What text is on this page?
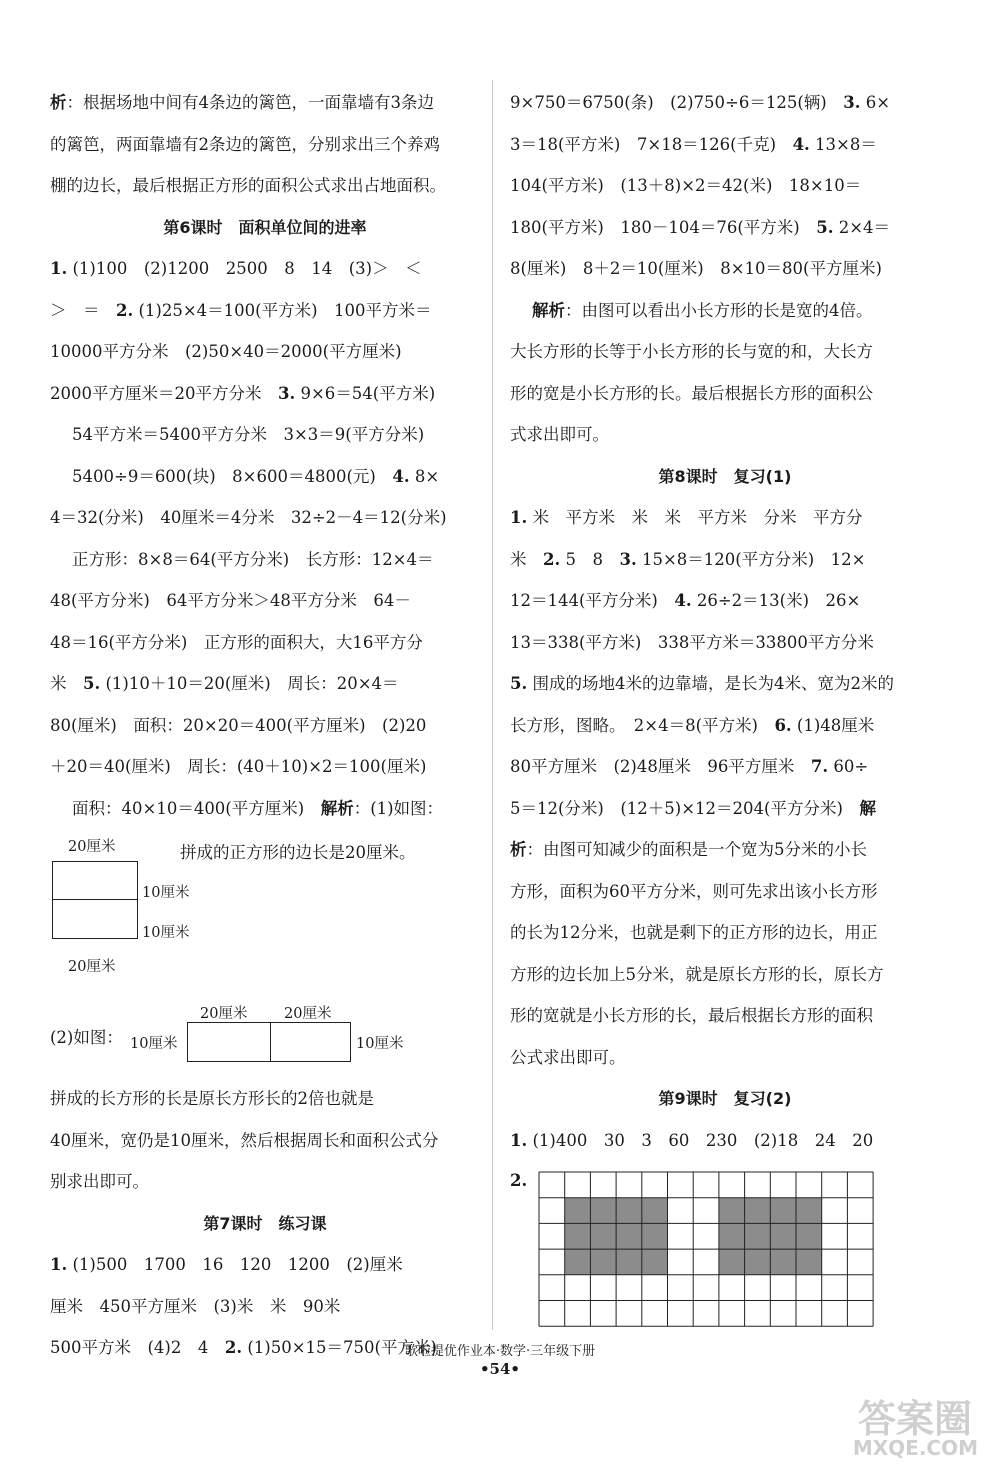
析：根据场地中间有4条边的篱笆，一面靠墙有3条边
的篱笆，两面靠墙有2条边的篱笆，分别求出三个养鸡
棚的边长，最后根据正方形的面积公式求出占地面积。
第6课时　面积单位间的进率
1. (1)100　(2)1200　2500　8　14　(3)＞　＜
＞　＝　2. (1)25×4＝100(平方米)　100平方米＝
10000平方分米　(2)50×40＝2000(平方厘米)
2000平方厘米＝20平方分米　3. 9×6＝54(平方米)
54平方米＝5400平方分米　3×3＝9(平方分米)
5400÷9＝600(块)　8×600＝4800(元)　4. 8×
4＝32(分米)　40厘米＝4分米　32÷2－4＝12(分米)
正方形：8×8＝64(平方分米)　长方形：12×4＝
48(平方分米)　64平方分米＞48平方分米　64－
48＝16(平方分米)　正方形的面积大，大16平方分
米　5. (1)10＋10＝20(厘米)　周长：20×4＝
80(厘米)　面积：20×20＝400(平方厘米)　(2)20
＋20＝40(厘米)　周长：(40＋10)×2＝100(厘米)
面积：40×10＝400(平方厘米)　解析：(1)如图：
20厘米
10厘米
10厘米
20厘米
拼成的正方形的边长是20厘米。
(2)如图：
20厘米	20厘米
10厘米	10厘米
拼成的长方形的长是原长方形长的2倍也就是
40厘米，宽仍是10厘米，然后根据周长和面积公式分
别求出即可。
第7课时　练习课
1. (1)500　1700　16　120　1200　(2)厘米
厘米　450平方厘米　(3)米　米　90米
500平方米　(4)2　4　2. (1)50×15＝750(平方米)
9×750＝6750(条)　(2)750÷6＝125(辆)　3. 6×
3＝18(平方米)　7×18＝126(千克)　4. 13×8＝
104(平方米)　(13＋8)×2＝42(米)　18×10＝
180(平方米)　180－104＝76(平方米)　5. 2×4＝
8(厘米)　8＋2＝10(厘米)　8×10＝80(平方厘米)
解析：由图可以看出小长方形的长是宽的4倍。
大长方形的长等于小长方形的长与宽的和，大长方
形的宽是小长方形的长。最后根据长方形的面积公
式求出即可。
第8课时　复习(1)
1. 米　平方米　米　米　平方米　分米　平方分
米　2. 5　8　3. 15×8＝120(平方分米)　12×
12＝144(平方分米)　4. 26÷2＝13(米)　26×
13＝338(平方米)　338平方米＝33800平方分米
5. 围成的场地4米的边靠墙，是长为4米、宽为2米的
长方形，图略。　2×4＝8(平方米)　6. (1)48厘米
80平方厘米　(2)48厘米　96平方厘米　7. 60÷
5＝12(分米)　(12＋5)×12＝204(平方分米)　解
析：由图可知减少的面积是一个宽为5分米的小长
方形，面积为60平方分米，则可先求出该小长方形
的长为12分米，也就是剩下的正方形的边长，用正
方形的边长加上5分米，就是原长方形的长，原长方
形的宽就是小长方形的长，最后根据长方形的面积
公式求出即可。
第9课时　复习(2)
1. (1)400　30　3　60　230　(2)18　24　20
2.
歌啦提优作业本·数学·三年级下册
•54•
答案圈
MXQE.COM
